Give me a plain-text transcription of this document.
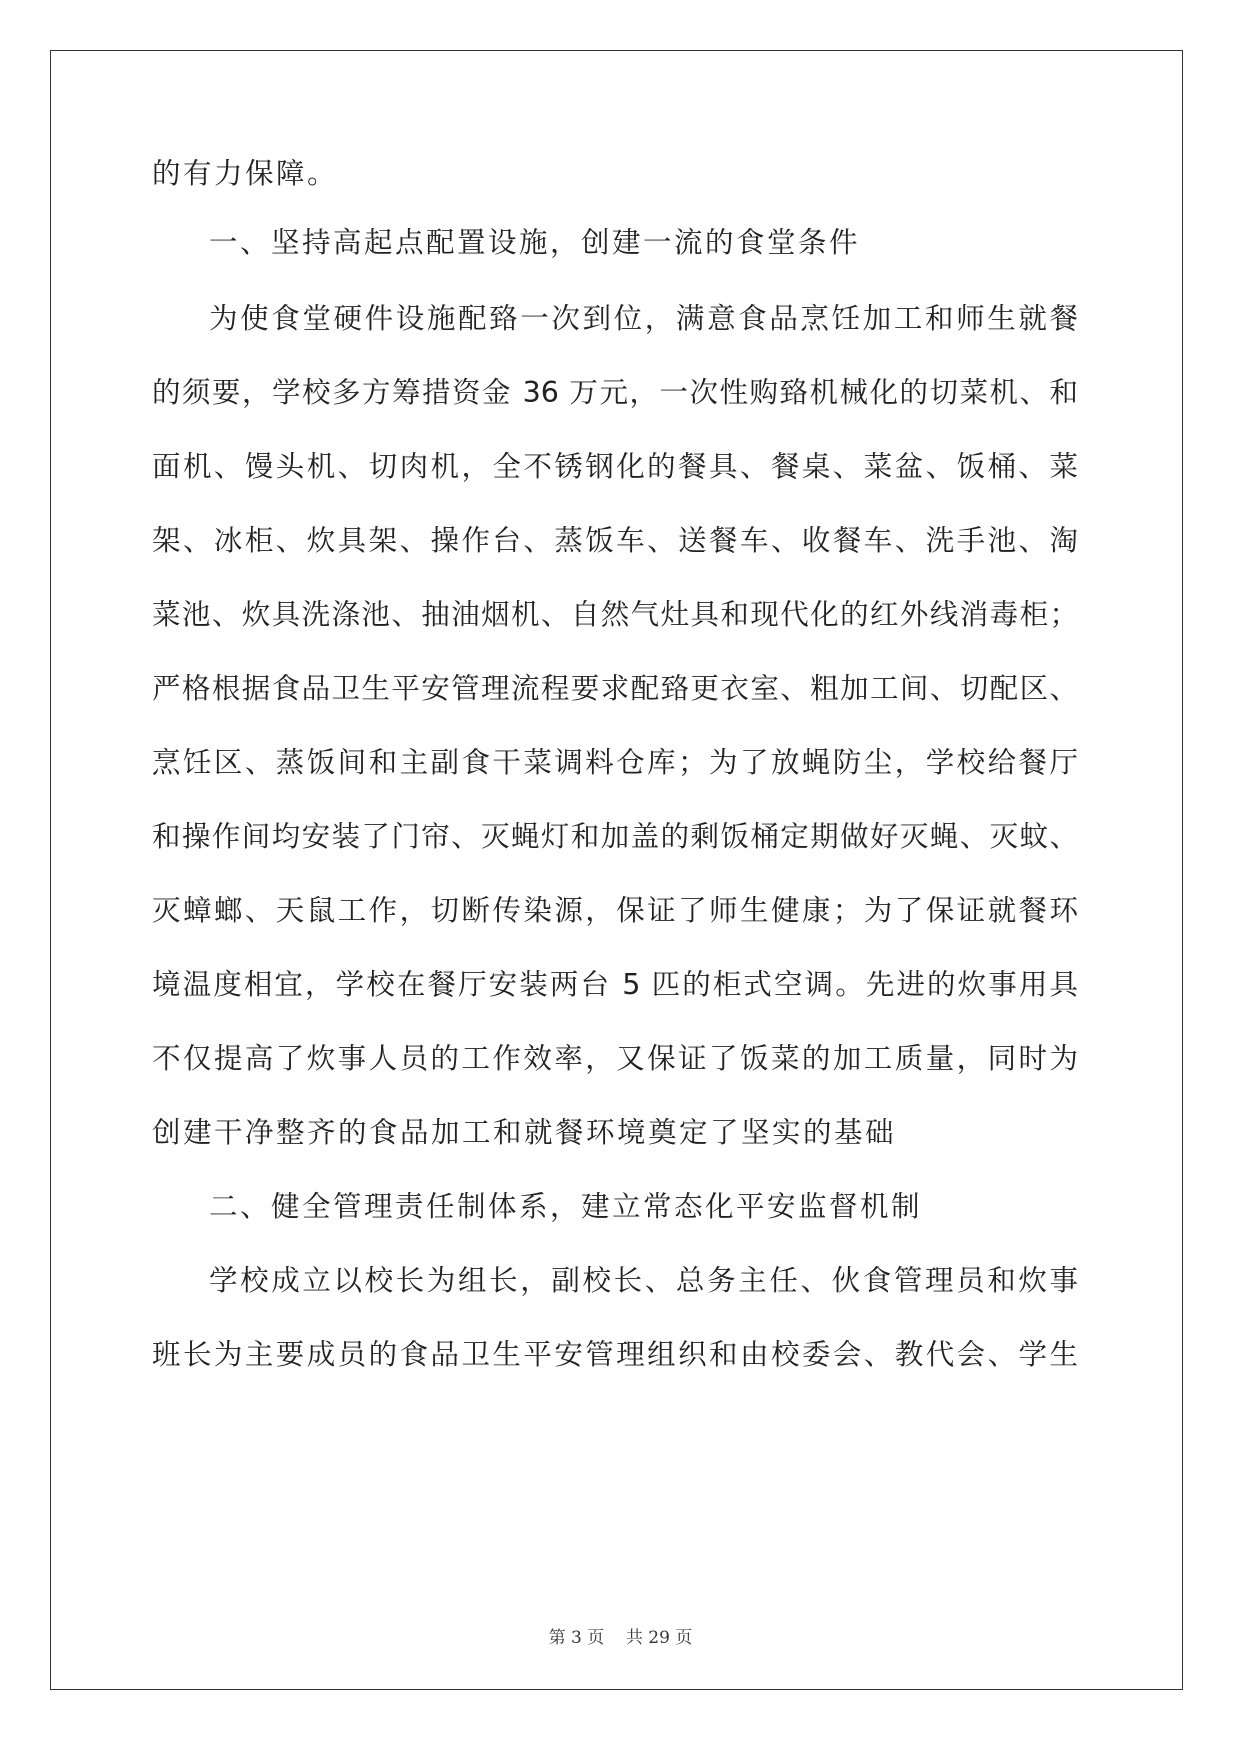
的有力保障。
一、坚持高起点配置设施，创建一流的食堂条件
为使食堂硬件设施配臵一次到位，满意食品烹饪加工和师生就餐
的须要，学校多方筹措资金 36 万元，一次性购臵机械化的切菜机、和
面机、馒头机、切肉机，全不锈钢化的餐具、餐桌、菜盆、饭桶、菜
架、冰柜、炊具架、操作台、蒸饭车、送餐车、收餐车、洗手池、淘
菜池、炊具洗涤池、抽油烟机、自然气灶具和现代化的红外线消毒柜；
严格根据食品卫生平安管理流程要求配臵更衣室、粗加工间、切配区、
烹饪区、蒸饭间和主副食干菜调料仓库；为了放蝇防尘，学校给餐厅
和操作间均安装了门帘、灭蝇灯和加盖的剩饭桶定期做好灭蝇、灭蚊、
灭蟑螂、天鼠工作，切断传染源，保证了师生健康；为了保证就餐环
境温度相宜，学校在餐厅安装两台 5 匹的柜式空调。先进的炊事用具
不仅提高了炊事人员的工作效率，又保证了饭菜的加工质量，同时为
创建干净整齐的食品加工和就餐环境奠定了坚实的基础
二、健全管理责任制体系，建立常态化平安监督机制
学校成立以校长为组长，副校长、总务主任、伙食管理员和炊事
班长为主要成员的食品卫生平安管理组织和由校委会、教代会、学生
第 3 页    共 29 页
